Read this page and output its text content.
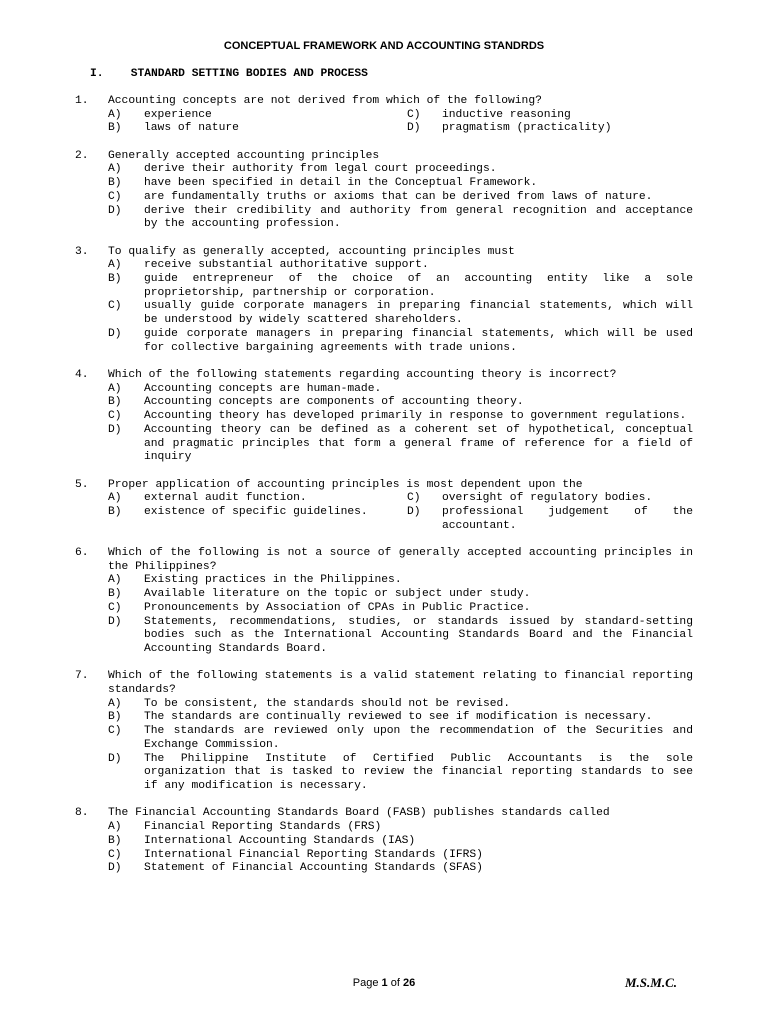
CONCEPTUAL FRAMEWORK AND ACCOUNTING STANDRDS
I. STANDARD SETTING BODIES AND PROCESS
1. Accounting concepts are not derived from which of the following?
A) experience	C) inductive reasoning
B) laws of nature	D) pragmatism (practicality)
2. Generally accepted accounting principles
A) derive their authority from legal court proceedings.
B) have been specified in detail in the Conceptual Framework.
C) are fundamentally truths or axioms that can be derived from laws of nature.
D) derive their credibility and authority from general recognition and acceptance by the accounting profession.
3. To qualify as generally accepted, accounting principles must
A) receive substantial authoritative support.
B) guide entrepreneur of the choice of an accounting entity like a sole proprietorship, partnership or corporation.
C) usually guide corporate managers in preparing financial statements, which will be understood by widely scattered shareholders.
D) guide corporate managers in preparing financial statements, which will be used for collective bargaining agreements with trade unions.
4. Which of the following statements regarding accounting theory is incorrect?
A) Accounting concepts are human-made.
B) Accounting concepts are components of accounting theory.
C) Accounting theory has developed primarily in response to government regulations.
D) Accounting theory can be defined as a coherent set of hypothetical, conceptual and pragmatic principles that form a general frame of reference for a field of inquiry
5. Proper application of accounting principles is most dependent upon the
A) external audit function.	C) oversight of regulatory bodies.
B) existence of specific guidelines.	D) professional judgement of the accountant.
6. Which of the following is not a source of generally accepted accounting principles in the Philippines?
A) Existing practices in the Philippines.
B) Available literature on the topic or subject under study.
C) Pronouncements by Association of CPAs in Public Practice.
D) Statements, recommendations, studies, or standards issued by standard-setting bodies such as the International Accounting Standards Board and the Financial Accounting Standards Board.
7. Which of the following statements is a valid statement relating to financial reporting standards?
A) To be consistent, the standards should not be revised.
B) The standards are continually reviewed to see if modification is necessary.
C) The standards are reviewed only upon the recommendation of the Securities and Exchange Commission.
D) The Philippine Institute of Certified Public Accountants is the sole organization that is tasked to review the financial reporting standards to see if any modification is necessary.
8. The Financial Accounting Standards Board (FASB) publishes standards called
A) Financial Reporting Standards (FRS)
B) International Accounting Standards (IAS)
C) International Financial Reporting Standards (IFRS)
D) Statement of Financial Accounting Standards (SFAS)
Page 1 of 26	M.S.M.C.
